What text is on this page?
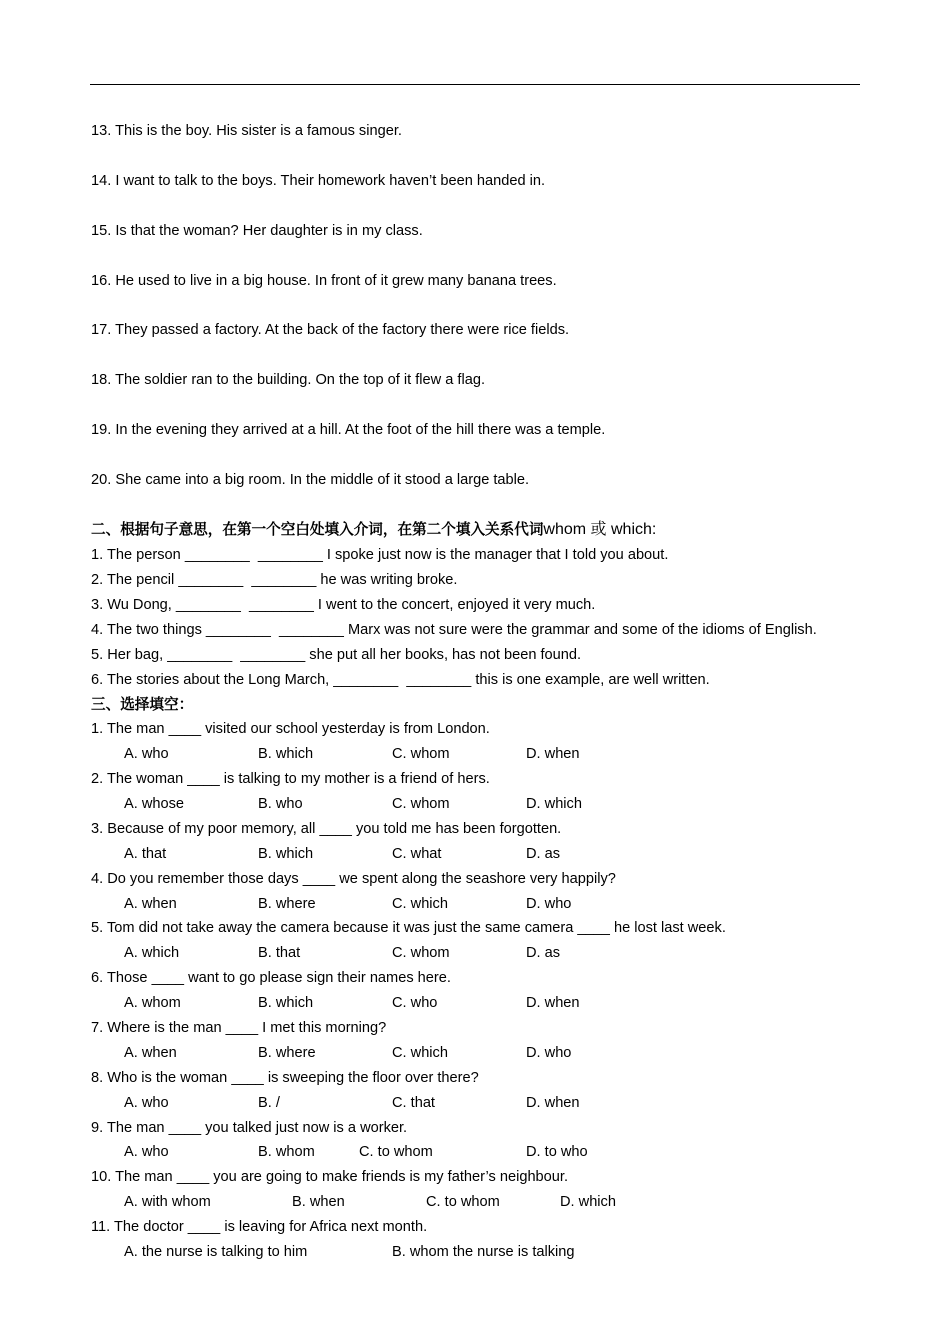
13. This is the boy. His sister is a famous singer.
14. I want to talk to the boys. Their homework haven’t been handed in.
15. Is that the woman? Her daughter is in my class.
16. He used to live in a big house. In front of it grew many banana trees.
17. They passed a factory. At the back of the factory there were rice fields.
18. The soldier ran to the building. On the top of it flew a flag.
19. In the evening they arrived at a hill. At the foot of the hill there was a temple.
20. She came into a big room. In the middle of it stood a large table.
二、根据句子意思，在第一个空白处填入介词，在第二个填入关系代词whom 或 which:
1. The person ________  ________ I spoke just now is the manager that I told you about.
2. The pencil ________  ________ he was writing broke.
3. Wu Dong, ________  ________ I went to the concert, enjoyed it very much.
4. The two things ________  ________ Marx was not sure were the grammar and some of the idioms of English.
5. Her bag, ________  ________ she put all her books, has not been found.
6. The stories about the Long March, ________  ________ this is one example, are well written.
三、选择填空：
1. The man ____ visited our school yesterday is from London.
A. who	B. which	C. whom	D. when
2. The woman ____ is talking to my mother is a friend of hers.
A. whose	B. who	C. whom	D. which
3. Because of my poor memory, all ____ you told me has been forgotten.
A. that	B. which	C. what	D. as
4. Do you remember those days ____ we spent along the seashore very happily?
A. when	B. where	C. which	D. who
5. Tom did not take away the camera because it was just the same camera ____ he lost last week.
A. which	B. that	C. whom	D. as
6. Those ____ want to go please sign their names here.
A. whom	B. which	C. who	D. when
7. Where is the man ____ I met this morning?
A. when	B. where	C. which	D. who
8. Who is the woman ____ is sweeping the floor over there?
A. who	B. /	C. that	D. when
9. The man ____ you talked just now is a worker.
A. who	B. whom	C. to whom	D. to who
10. The man ____ you are going to make friends is my father’s neighbour.
A. with whom	B. when	C. to whom	D. which
11. The doctor ____ is leaving for Africa next month.
A. the nurse is talking to him	B. whom the nurse is talking
